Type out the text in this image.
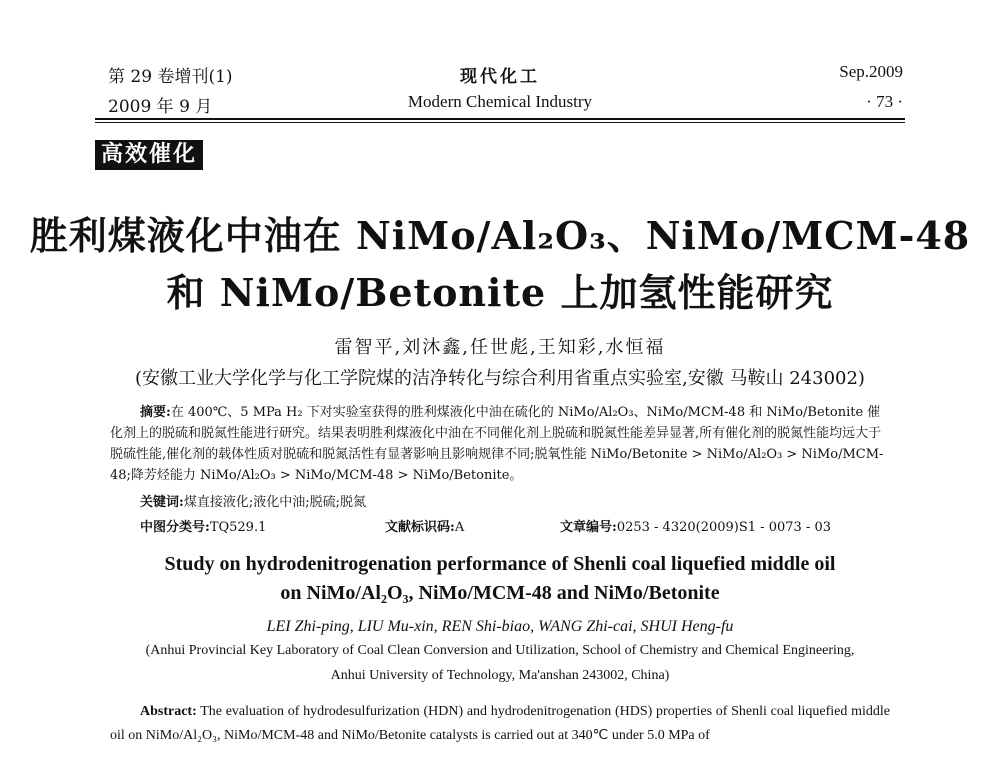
第 29 卷增刊(1)
2009 年 9 月
现代化工
Modern Chemical Industry
Sep.2009
· 73 ·
高效催化
胜利煤液化中油在 NiMo/Al₂O₃、NiMo/MCM-48
和 NiMo/Betonite 上加氢性能研究
雷智平,刘沐鑫,任世彪,王知彩,水恒福
(安徽工业大学化学与化工学院煤的洁净转化与综合利用省重点实验室,安徽 马鞍山 243002)
摘要:在 400℃、5 MPa H₂ 下对实验室获得的胜利煤液化中油在硫化的 NiMo/Al₂O₃、NiMo/MCM-48 和 NiMo/Betonite 催化剂上的脱硫和脱氮性能进行研究。结果表明胜利煤液化中油在不同催化剂上脱硫和脱氮性能差异显著,所有催化剂的脱氮性能均远大于脱硫性能,催化剂的载体性质对脱硫和脱氮活性有显著影响且影响规律不同;脱氧性能 NiMo/Betonite > NiMo/Al₂O₃ > NiMo/MCM-48;降芳烃能力 NiMo/Al₂O₃ > NiMo/MCM-48 > NiMo/Betonite。
关键词:煤直接液化;液化中油;脱硫;脱氮
中图分类号:TQ529.1	文献标识码:A	文章编号:0253 - 4320(2009)S1 - 0073 - 03
Study on hydrodenitrogenation performance of Shenli coal liquefied middle oil
on NiMo/Al₂O₃, NiMo/MCM-48 and NiMo/Betonite
LEI Zhi-ping, LIU Mu-xin, REN Shi-biao, WANG Zhi-cai, SHUI Heng-fu
(Anhui Provincial Key Laboratory of Coal Clean Conversion and Utilization, School of Chemistry and Chemical Engineering,
Anhui University of Technology, Ma'anshan 243002, China)
Abstract: The evaluation of hydrodesulfurization (HDN) and hydrodenitrogenation (HDS) properties of Shenli coal liquefied middle oil on NiMo/Al₂O₃, NiMo/MCM-48 and NiMo/Betonite catalysts is carried out at 340℃ under 5.0 MPa of
